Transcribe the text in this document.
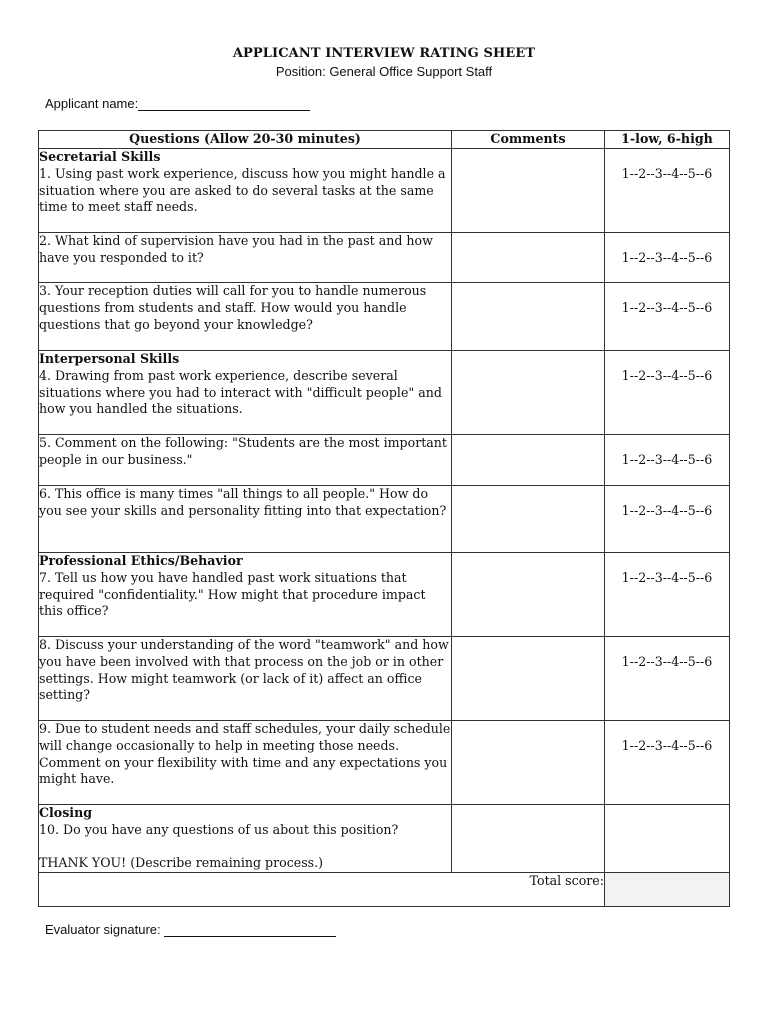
APPLICANT INTERVIEW RATING SHEET
Position: General Office Support Staff
Applicant name:
Questions (Allow 20-30 minutes)	Comments	1-low, 6-high

Secretarial Skills
1. Using past work experience, discuss how you might handle a situation where you are asked to do several tasks at the same time to meet staff needs.		1--2--3--4--5--6

2. What kind of supervision have you had in the past and how have you responded to it?		1--2--3--4--5--6

3. Your reception duties will call for you to handle numerous questions from students and staff. How would you handle questions that go beyond your knowledge?		1--2--3--4--5--6

Interpersonal Skills
4. Drawing from past work experience, describe several situations where you had to interact with "difficult people" and how you handled the situations.		1--2--3--4--5--6

5. Comment on the following: "Students are the most important people in our business."		1--2--3--4--5--6

6. This office is many times "all things to all people." How do you see your skills and personality fitting into that expectation?		1--2--3--4--5--6

Professional Ethics/Behavior
7. Tell us how you have handled past work situations that required "confidentiality." How might that procedure impact this office?		1--2--3--4--5--6

8. Discuss your understanding of the word "teamwork" and how you have been involved with that process on the job or in other settings. How might teamwork (or lack of it) affect an office setting?		1--2--3--4--5--6

9. Due to student needs and staff schedules, your daily schedule will change occasionally to help in meeting those needs. Comment on your flexibility with time and any expectations you might have.		1--2--3--4--5--6

Closing
10. Do you have any questions of us about this position?
THANK YOU! (Describe remaining process.)		

Total score:		
Evaluator signature:
